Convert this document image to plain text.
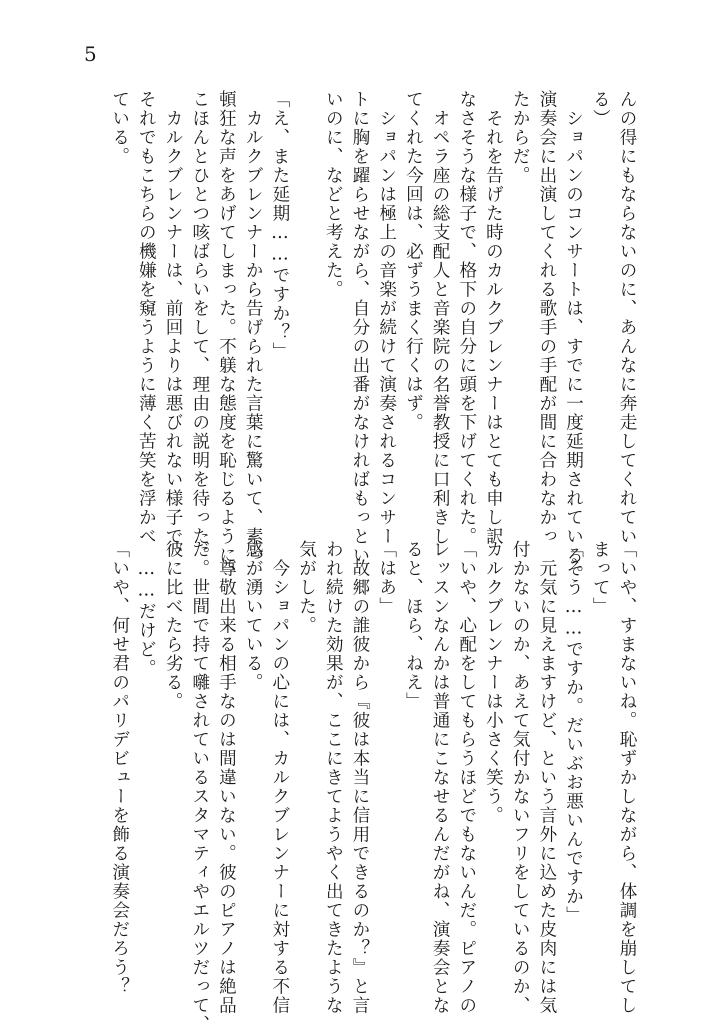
5
んの得にもならないのに、あんなに奔走してくれてい
る）
　ショパンのコンサートは、すでに一度延期されている。
演奏会に出演してくれる歌手の手配が間に合わなかっ
たからだ。
　それを告げた時のカルクブレンナーはとても申し訳
なさそうな様子で、格下の自分に頭を下げてくれた。
　オペラ座の総支配人と音楽院の名誉教授に口利きし
てくれた今回は、必ずうまく行くはず。
　ショパンは極上の音楽が続けて演奏されるコンサー
トに胸を躍らせながら、自分の出番がなければもっとい
いのに、などと考えた。
「え、また延期……ですか？」
　カルクブレンナーから告げられた言葉に驚いて、素っ
頓狂な声をあげてしまった。不躾な態度を恥じるように、
こほんとひとつ咳ばらいをして、理由の説明を待った。
　カルクブレンナーは、前回よりは悪びれない様子で、
それでもこちらの機嫌を窺うように薄く苦笑を浮かべ
ている。
「いや、すまないね。恥ずかしながら、体調を崩してし
まって」
「そう……ですか。だいぶお悪いんですか」
　元気に見えますけど、という言外に込めた皮肉には気
付かないのか、あえて気付かないフリをしているのか、
カルクブレンナーは小さく笑う。
「いや、心配をしてもらうほどでもないんだ。ピアノの
レッスンなんかは普通にこなせるんだがね、演奏会とな
ると、ほら、ねえ」
「はあ」
　故郷の誰彼から『彼は本当に信用できるのか？』と言
われ続けた効果が、ここにきてようやく出てきたような
気がした。
　今ショパンの心には、カルクブレンナーに対する不信
感が湧いている。
　尊敬出来る相手なのは間違いない。彼のピアノは絶品
だ。世間で持て囃されているスタマティやエルツだって、
彼に比べたら劣る。
　……だけど。
「いや、何せ君のパリデビューを飾る演奏会だろう？
